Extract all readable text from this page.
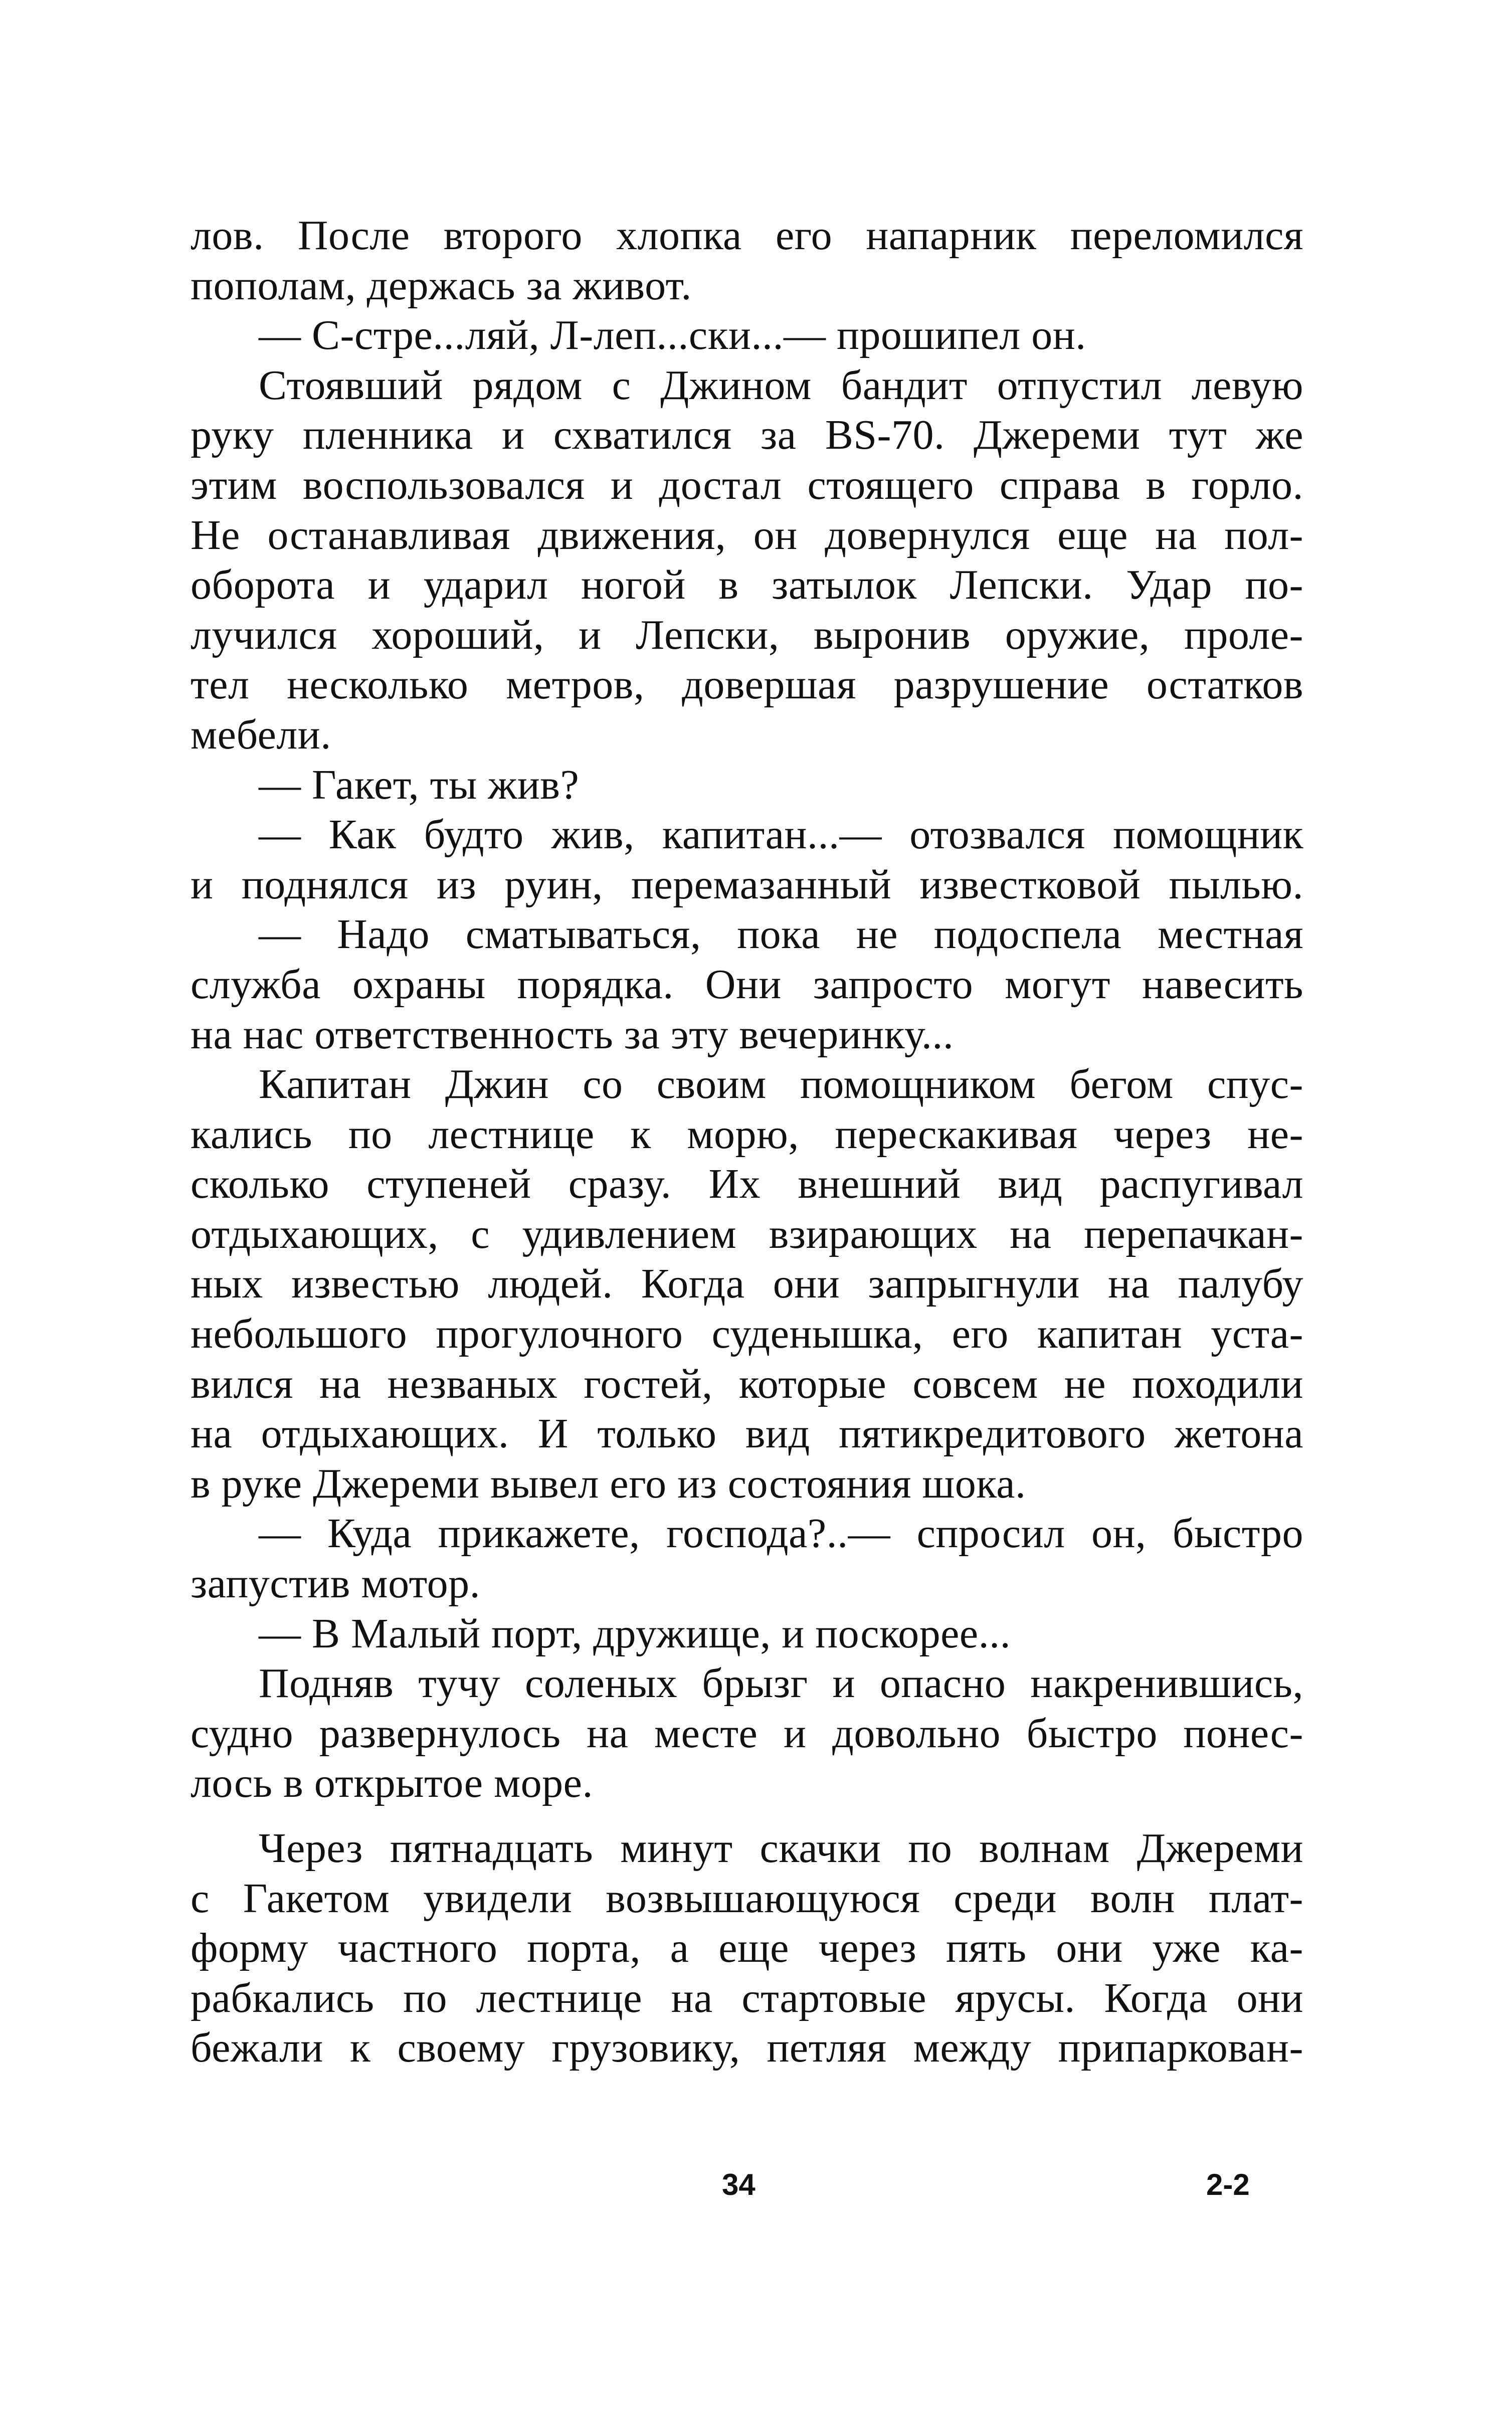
лов. После второго хлопка его напарник переломился
пополам, держась за живот.
— С-стре...ляй, Л-леп...ски...— прошипел он.
Стоявший рядом с Джином бандит отпустил левую
руку пленника и схватился за BS-70. Джереми тут же
этим воспользовался и достал стоящего справа в горло.
Не останавливая движения, он довернулся еще на пол-
оборота и ударил ногой в затылок Лепски. Удар по-
лучился хороший, и Лепски, выронив оружие, проле-
тел несколько метров, довершая разрушение остатков
мебели.
— Гакет, ты жив?
— Как будто жив, капитан...— отозвался помощник
и поднялся из руин, перемазанный известковой пылью.
— Надо сматываться, пока не подоспела местная
служба охраны порядка. Они запросто могут навесить
на нас ответственность за эту вечеринку...
Капитан Джин со своим помощником бегом спус-
кались по лестнице к морю, перескакивая через не-
сколько ступеней сразу. Их внешний вид распугивал
отдыхающих, с удивлением взирающих на перепачкан-
ных известью людей. Когда они запрыгнули на палубу
небольшого прогулочного суденышка, его капитан уста-
вился на незваных гостей, которые совсем не походили
на отдыхающих. И только вид пятикредитового жетона
в руке Джереми вывел его из состояния шока.
— Куда прикажете, господа?..— спросил он, быстро
запустив мотор.
— В Малый порт, дружище, и поскорее...
Подняв тучу соленых брызг и опасно накренившись,
судно развернулось на месте и довольно быстро понес-
лось в открытое море.
Через пятнадцать минут скачки по волнам Джереми
с Гакетом увидели возвышающуюся среди волн плат-
форму частного порта, а еще через пять они уже ка-
рабкались по лестнице на стартовые ярусы. Когда они
бежали к своему грузовику, петляя между припаркован-
34	2-2
